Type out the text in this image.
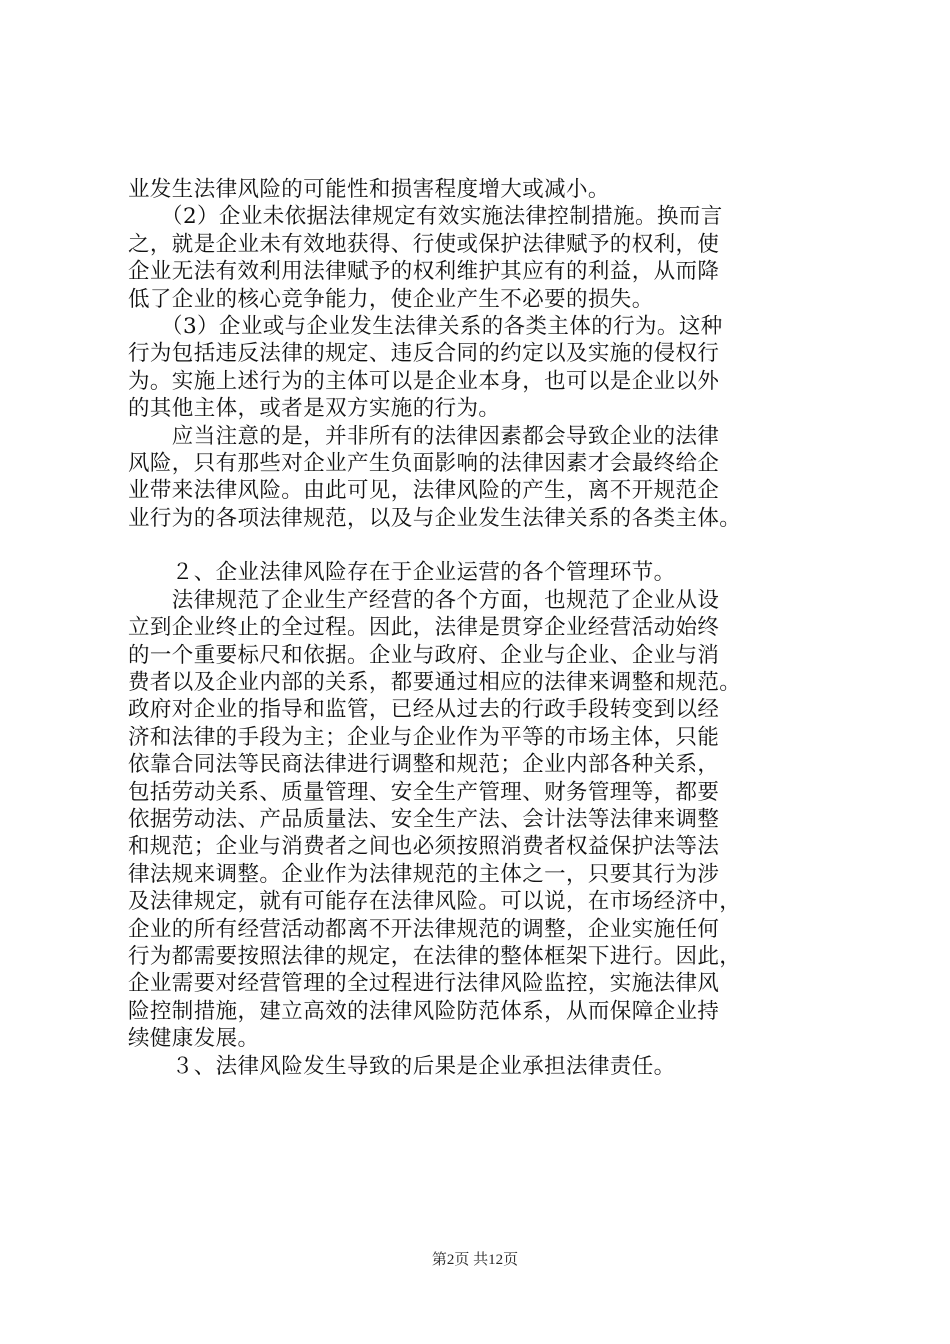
业发生法律风险的可能性和损害程度增大或减小。
　　（2）企业未依据法律规定有效实施法律控制措施。换而言
之，就是企业未有效地获得、行使或保护法律赋予的权利，使
企业无法有效利用法律赋予的权利维护其应有的利益，从而降
低了企业的核心竞争能力，使企业产生不必要的损失。
　　（3）企业或与企业发生法律关系的各类主体的行为。这种
行为包括违反法律的规定、违反合同的约定以及实施的侵权行
为。实施上述行为的主体可以是企业本身，也可以是企业以外
的其他主体，或者是双方实施的行为。
　　应当注意的是，并非所有的法律因素都会导致企业的法律
风险，只有那些对企业产生负面影响的法律因素才会最终给企
业带来法律风险。由此可见，法律风险的产生，离不开规范企
业行为的各项法律规范，以及与企业发生法律关系的各类主体。
　　２、企业法律风险存在于企业运营的各个管理环节。
　　法律规范了企业生产经营的各个方面，也规范了企业从设
立到企业终止的全过程。因此，法律是贯穿企业经营活动始终
的一个重要标尺和依据。企业与政府、企业与企业、企业与消
费者以及企业内部的关系，都要通过相应的法律来调整和规范。
政府对企业的指导和监管，已经从过去的行政手段转变到以经
济和法律的手段为主；企业与企业作为平等的市场主体，只能
依靠合同法等民商法律进行调整和规范；企业内部各种关系，
包括劳动关系、质量管理、安全生产管理、财务管理等，都要
依据劳动法、产品质量法、安全生产法、会计法等法律来调整
和规范；企业与消费者之间也必须按照消费者权益保护法等法
律法规来调整。企业作为法律规范的主体之一，只要其行为涉
及法律规定，就有可能存在法律风险。可以说，在市场经济中，
企业的所有经营活动都离不开法律规范的调整，企业实施任何
行为都需要按照法律的规定，在法律的整体框架下进行。因此，
企业需要对经营管理的全过程进行法律风险监控，实施法律风
险控制措施，建立高效的法律风险防范体系，从而保障企业持
续健康发展。
　　３、法律风险发生导致的后果是企业承担法律责任。
第2页 共12页
